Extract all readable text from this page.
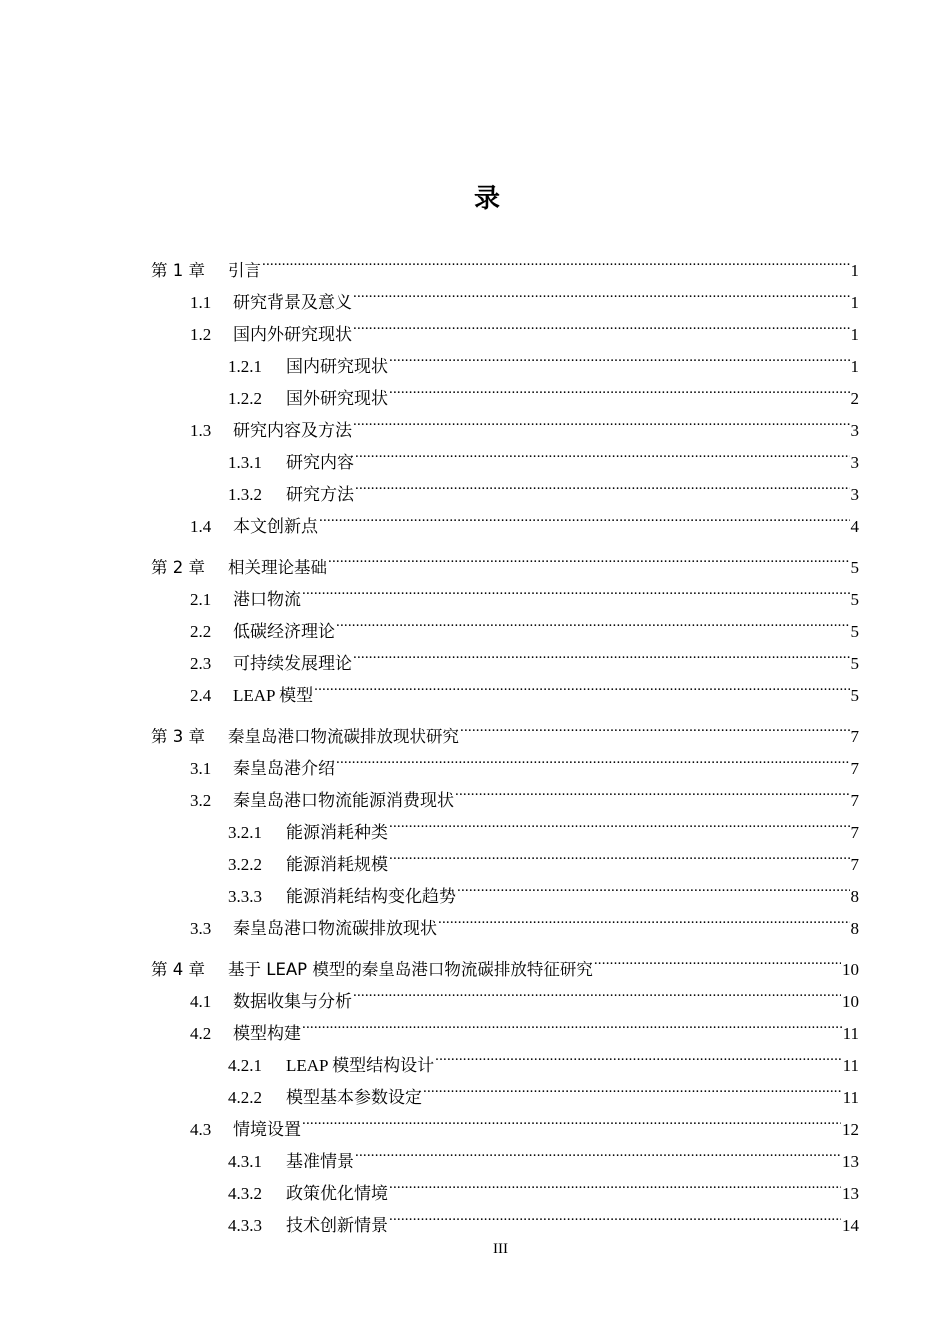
录
第 1 章	引言 .....	1
1.1	研究背景及意义 .....	1
1.2	国内外研究现状 .....	1
1.2.1	国内研究现状 .....	1
1.2.2	国外研究现状 .....	2
1.3	研究内容及方法 .....	3
1.3.1	研究内容 .....	3
1.3.2	研究方法 .....	3
1.4	本文创新点 .....	4
第 2 章	相关理论基础 .....	5
2.1	港口物流 .....	5
2.2	低碳经济理论 .....	5
2.3	可持续发展理论 .....	5
2.4	LEAP 模型 .....	5
第 3 章	秦皇岛港口物流碳排放现状研究 .....	7
3.1	秦皇岛港介绍 .....	7
3.2	秦皇岛港口物流能源消费现状 .....	7
3.2.1	能源消耗种类 .....	7
3.2.2	能源消耗规模 .....	7
3.3.3	能源消耗结构变化趋势 .....	8
3.3	秦皇岛港口物流碳排放现状 .....	8
第 4 章	基于 LEAP 模型的秦皇岛港口物流碳排放特征研究 .....	10
4.1	数据收集与分析 .....	10
4.2	模型构建 .....	11
4.2.1	LEAP 模型结构设计 .....	11
4.2.2	模型基本参数设定 .....	11
4.3	情境设置 .....	12
4.3.1	基准情景 .....	13
4.3.2	政策优化情境 .....	13
4.3.3	技术创新情景 .....	14
III
